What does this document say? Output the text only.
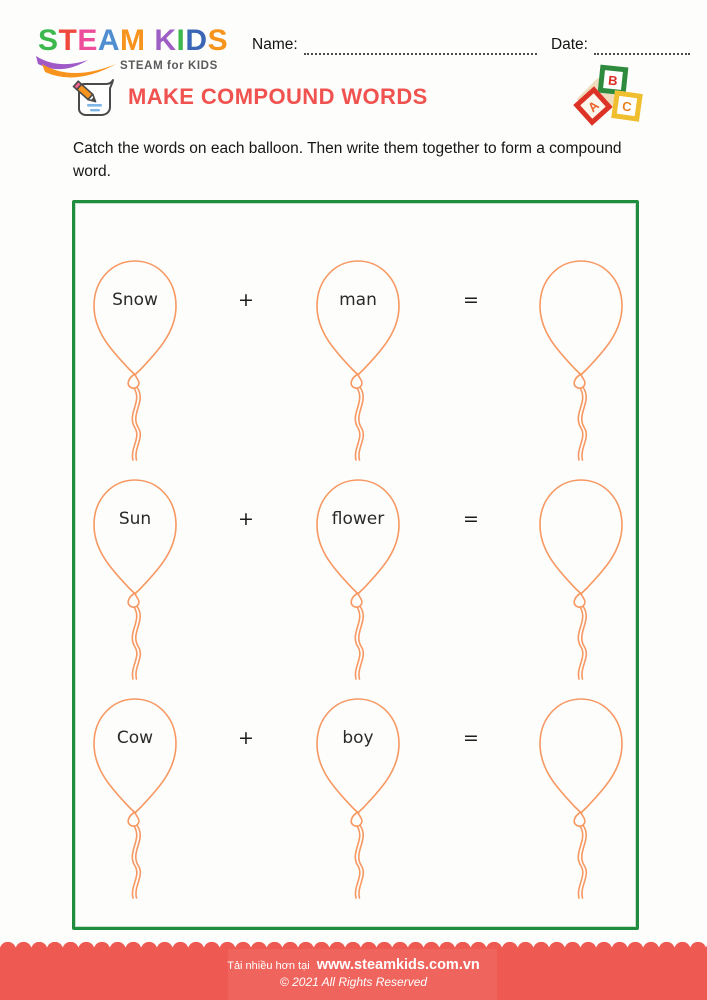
STEAM KIDS
STEAM for KIDS
Name:	Date:
MAKE COMPOUND WORDS
B
A	C

Catch the words on each balloon. Then write them together to form a compound word.

Snow	+	man	=
Sun	+	flower	=
Cow	+	boy	=
Tải nhiều hơn tại www.steamkids.com.vn
© 2021 All Rights Reserved
